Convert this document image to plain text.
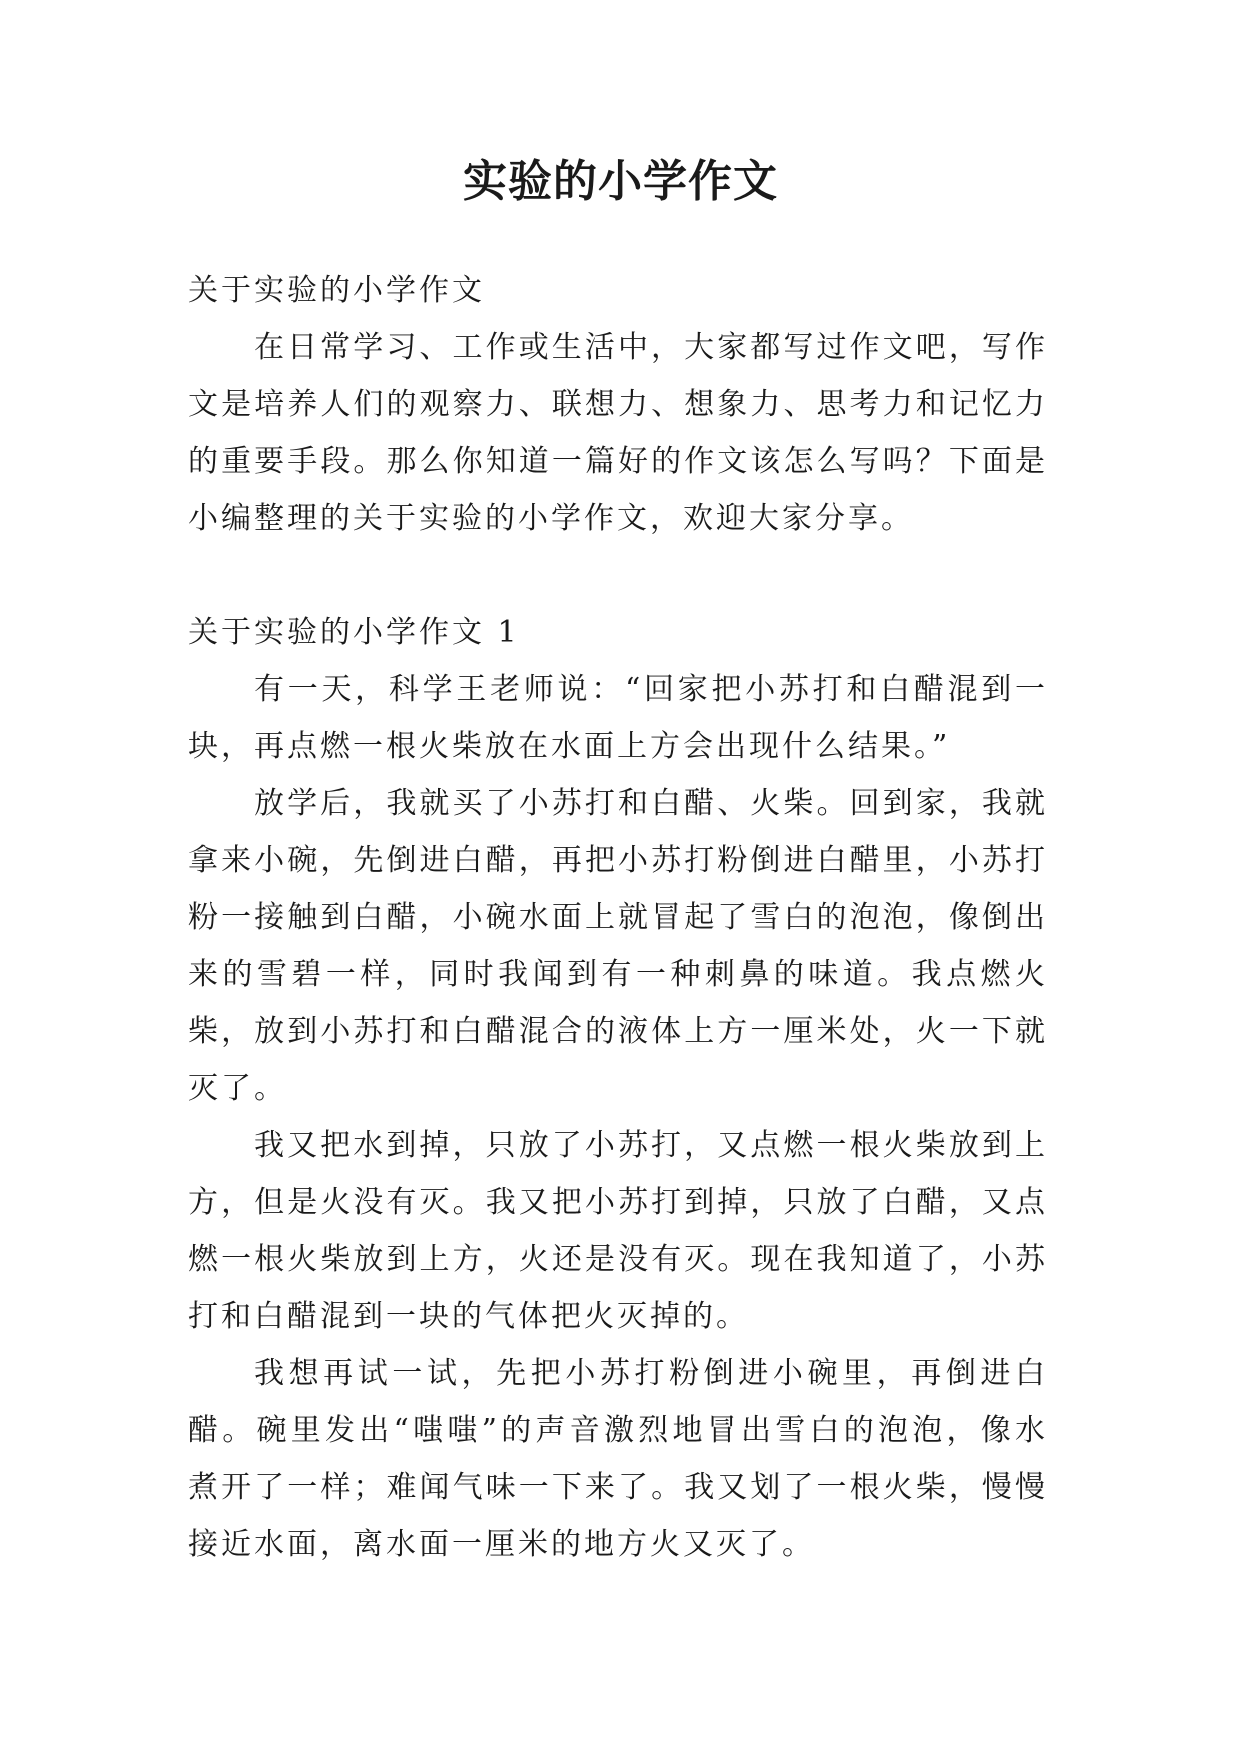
实验的小学作文

关于实验的小学作文

在日常学习、工作或生活中，大家都写过作文吧，写作文是培养人们的观察力、联想力、想象力、思考力和记忆力的重要手段。那么你知道一篇好的作文该怎么写吗？下面是小编整理的关于实验的小学作文，欢迎大家分享。

关于实验的小学作文 1

有一天，科学王老师说：“回家把小苏打和白醋混到一块，再点燃一根火柴放在水面上方会出现什么结果。”

放学后，我就买了小苏打和白醋、火柴。回到家，我就拿来小碗，先倒进白醋，再把小苏打粉倒进白醋里，小苏打粉一接触到白醋，小碗水面上就冒起了雪白的泡泡，像倒出来的雪碧一样，同时我闻到有一种刺鼻的味道。我点燃火柴，放到小苏打和白醋混合的液体上方一厘米处，火一下就灭了。

我又把水到掉，只放了小苏打，又点燃一根火柴放到上方，但是火没有灭。我又把小苏打到掉，只放了白醋，又点燃一根火柴放到上方，火还是没有灭。现在我知道了，小苏打和白醋混到一块的气体把火灭掉的。

我想再试一试，先把小苏打粉倒进小碗里，再倒进白醋。碗里发出“嗤嗤”的声音激烈地冒出雪白的泡泡，像水煮开了一样；难闻气味一下来了。我又划了一根火柴，慢慢接近水面，离水面一厘米的地方火又灭了。
